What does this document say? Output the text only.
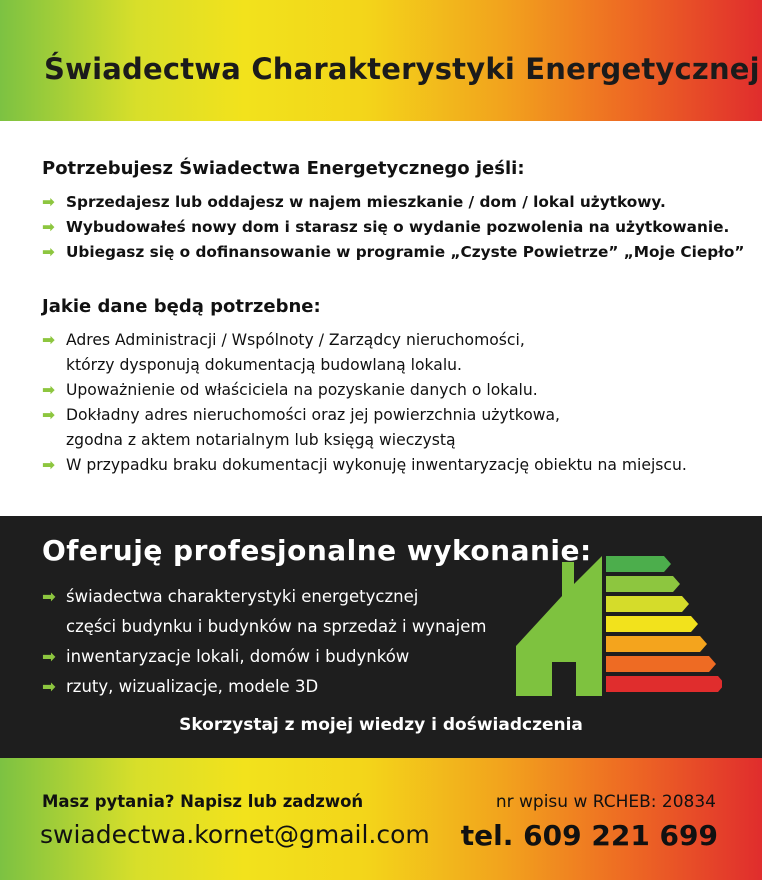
Świadectwa Charakterystyki Energetycznej
Potrzebujesz Świadectwa Energetycznego jeśli:
➡ Sprzedajesz lub oddajesz w najem mieszkanie / dom / lokal użytkowy.
➡ Wybudowałeś nowy dom i starasz się o wydanie pozwolenia na użytkowanie.
➡ Ubiegasz się o dofinansowanie w programie „Czyste Powietrze” „Moje Ciepło”
Jakie dane będą potrzebne:
➡ Adres Administracji / Wspólnoty / Zarządcy nieruchomości,
którzy dysponują dokumentacją budowlaną lokalu.
➡ Upoważnienie od właściciela na pozyskanie danych o lokalu.
➡ Dokładny adres nieruchomości oraz jej powierzchnia użytkowa,
zgodna z aktem notarialnym lub księgą wieczystą
➡ W przypadku braku dokumentacji wykonuję inwentaryzację obiektu na miejscu.
Oferuję profesjonalne wykonanie:
➡ świadectwa charakterystyki energetycznej
części budynku i budynków na sprzedaż i wynajem
➡ inwentaryzacje lokali, domów i budynków
➡ rzuty, wizualizacje, modele 3D
Skorzystaj z mojej wiedzy i doświadczenia
Masz pytania? Napisz lub zadzwoń
swiadectwa.kornet@gmail.com
nr wpisu w RCHEB: 20834
tel. 609 221 699
